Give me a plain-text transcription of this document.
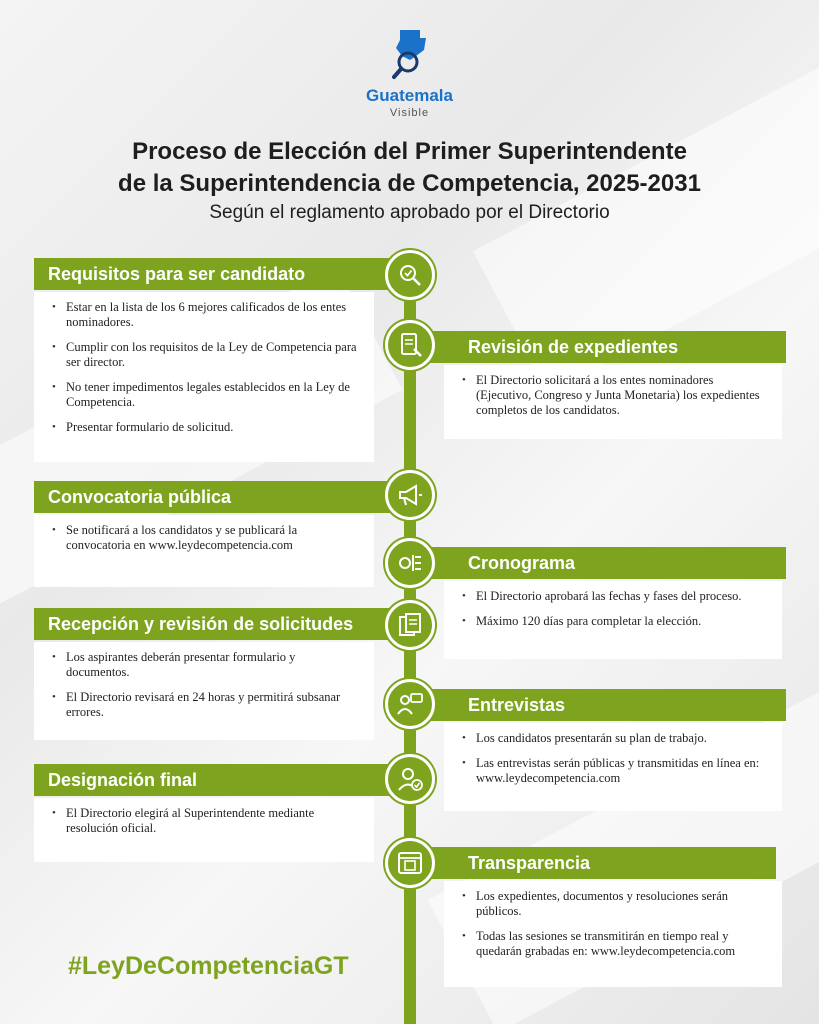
Guatemala
Visible
Proceso de Elección del Primer Superintendente
de la Superintendencia de Competencia, 2025-2031
Según el reglamento aprobado por el Directorio
Requisitos para ser candidato
• Estar en la lista de los 6 mejores calificados de los entes nominadores.
• Cumplir con los requisitos de la Ley de Competencia para ser director.
• No tener impedimentos legales establecidos en la Ley de Competencia.
• Presentar formulario de solicitud.
Revisión de expedientes
• El Directorio solicitará a los entes nominadores (Ejecutivo, Congreso y Junta Monetaria) los expedientes completos de los candidatos.
Convocatoria pública
• Se notificará a los candidatos y se publicará la convocatoria en www.leydecompetencia.com
Cronograma
• El Directorio aprobará las fechas y fases del proceso.
• Máximo 120 días para completar la elección.
Recepción y revisión de solicitudes
• Los aspirantes deberán presentar formulario y documentos.
• El Directorio revisará en 24 horas y permitirá subsanar errores.	Entrevistas
• Los candidatos presentarán su plan de trabajo.
• Las entrevistas serán públicas y transmitidas en línea en: www.leydecompetencia.com
Designación final
• El Directorio elegirá al Superintendente mediante resolución oficial.
Transparencia
• Los expedientes, documentos y resoluciones serán públicos.
• Todas las sesiones se transmitirán en tiempo real y quedarán grabadas en: www.leydecompetencia.com
#LeyDeCompetenciaGT
